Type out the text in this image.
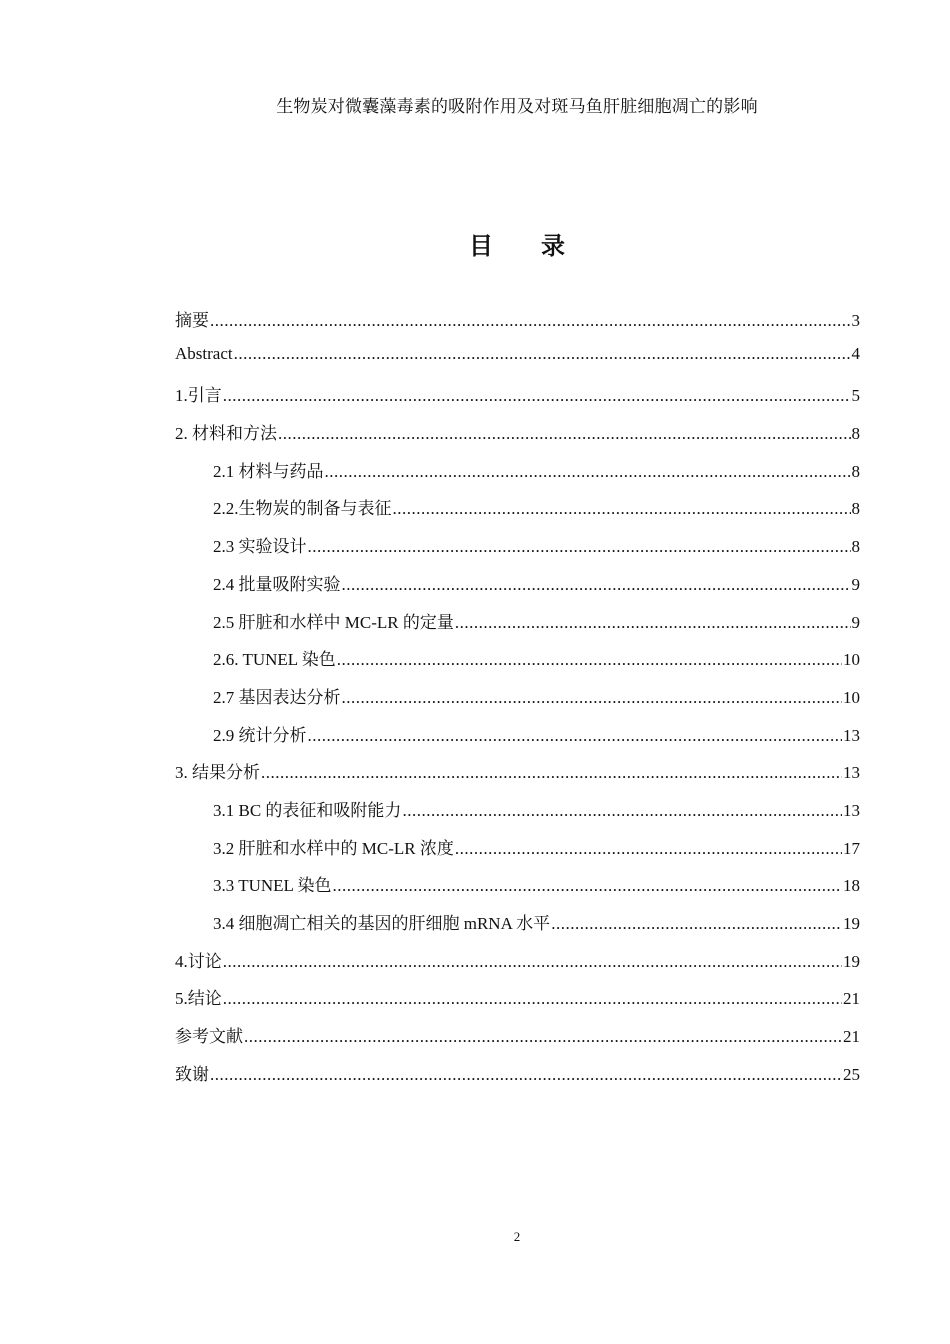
生物炭对微囊藻毒素的吸附作用及对斑马鱼肝脏细胞凋亡的影响
目 录
摘要 .....	3
Abstract .....	4
1.引言 .....	5
2. 材料和方法 .....	8
2.1 材料与药品 .....	8
2.2.生物炭的制备与表征 .....	8
2.3 实验设计 .....	8
2.4 批量吸附实验 .....	9
2.5 肝脏和水样中 MC-LR 的定量 .....	9
2.6. TUNEL 染色 .....	10
2.7 基因表达分析 .....	10
2.9 统计分析 .....	13
3. 结果分析 .....	13
3.1 BC 的表征和吸附能力 .....	13
3.2 肝脏和水样中的 MC-LR 浓度 .....	17
3.3 TUNEL 染色 .....	18
3.4 细胞凋亡相关的基因的肝细胞 mRNA 水平 .....	19
4.讨论 .....	19
5.结论 .....	21
参考文献 .....	21
致谢 .....	25
2
